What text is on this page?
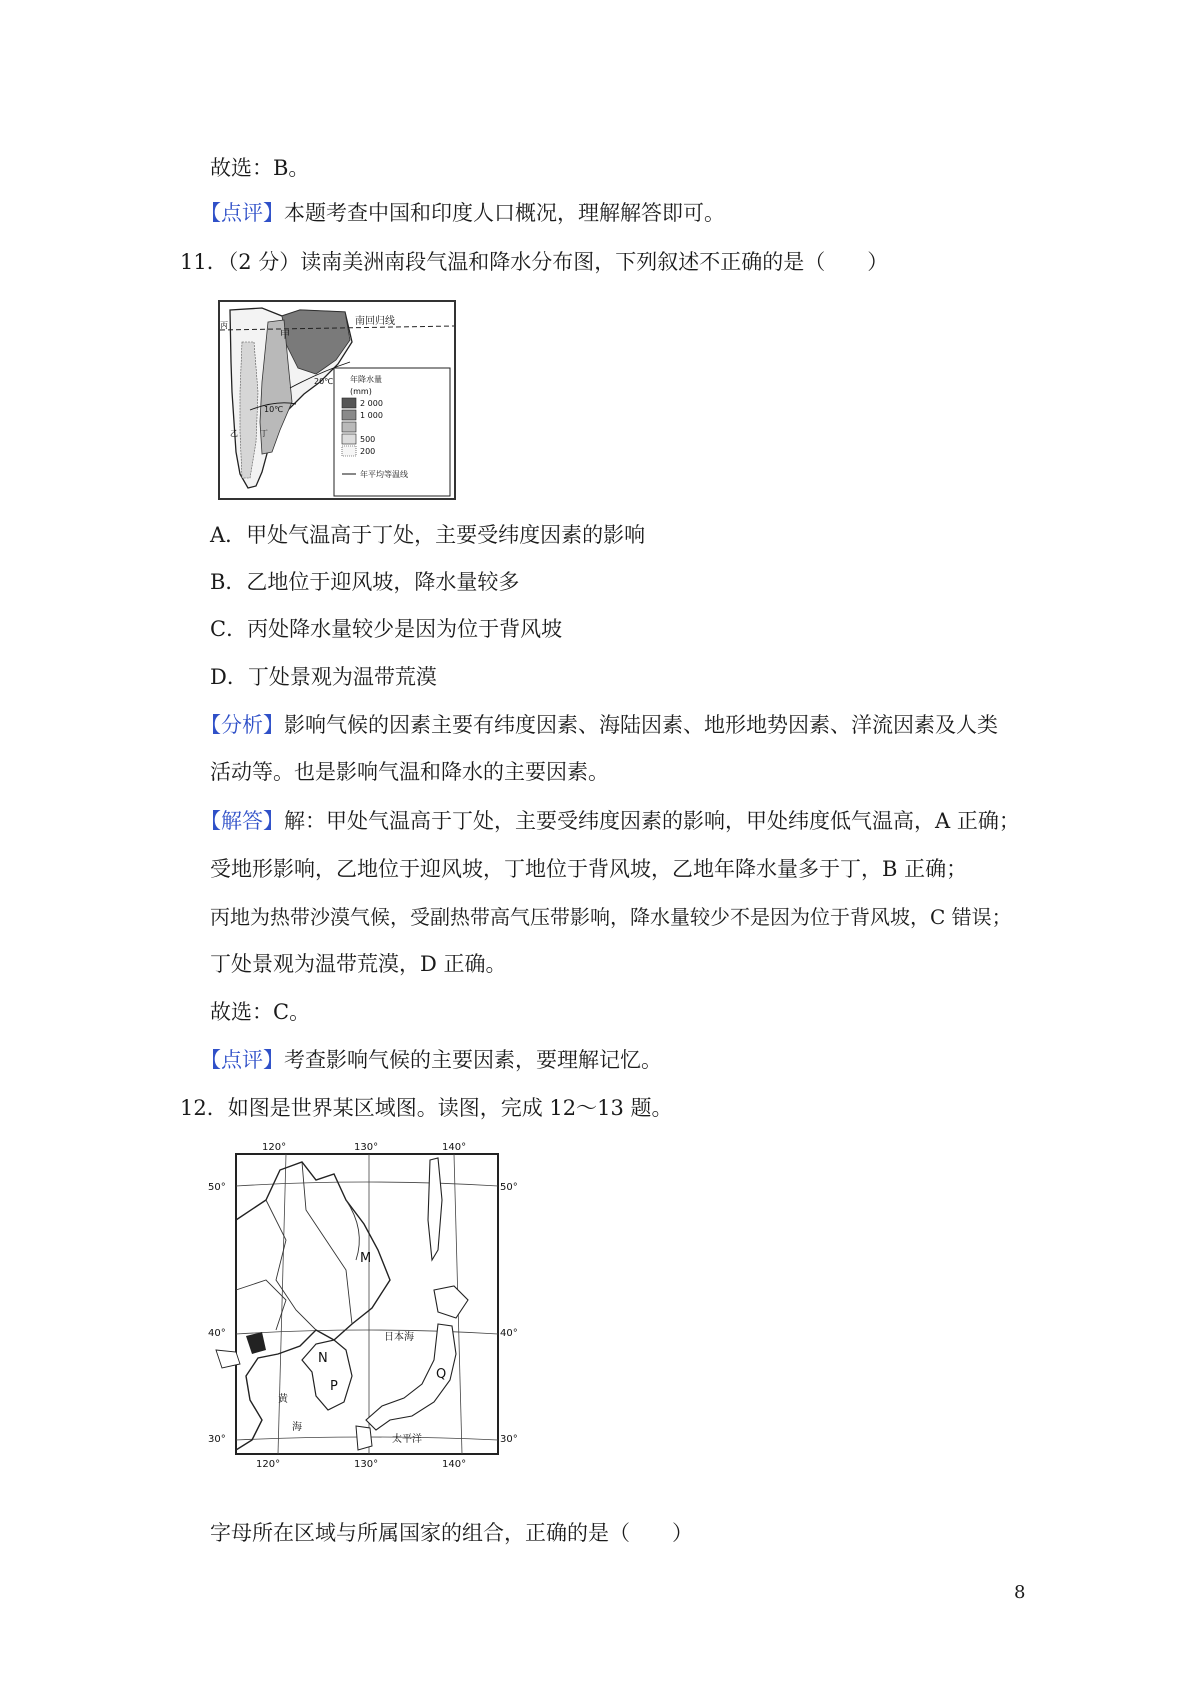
故选：B。
【点评】本题考查中国和印度人口概况，理解解答即可。
11．（2 分）读南美洲南段气温和降水分布图，下列叙述不正确的是（　　）
甲
南回归线
20℃
10℃
丙
乙	丁
年降水量
(mm)
2 000
1 000
500
200
年平均等温线
A．甲处气温高于丁处，主要受纬度因素的影响
B．乙地位于迎风坡，降水量较多
C．丙处降水量较少是因为位于背风坡
D．丁处景观为温带荒漠
【分析】影响气候的因素主要有纬度因素、海陆因素、地形地势因素、洋流因素及人类
活动等。也是影响气温和降水的主要因素。
【解答】解：甲处气温高于丁处，主要受纬度因素的影响，甲处纬度低气温高，A 正确；
受地形影响，乙地位于迎风坡，丁地位于背风坡，乙地年降水量多于丁，B 正确；
丙地为热带沙漠气候，受副热带高气压带影响，降水量较少不是因为位于背风坡，C 错误；
丁处景观为温带荒漠，D 正确。
故选：C。
【点评】考查影响气候的主要因素，要理解记忆。
12．如图是世界某区域图。读图，完成 12～13 题。
120°	130°	140°
120°	130°	140°
50°
40°
30°
50°
40°
30°
M
N
P
Q
日本海
黄
海
太平洋
字母所在区域与所属国家的组合，正确的是（　　）
8
